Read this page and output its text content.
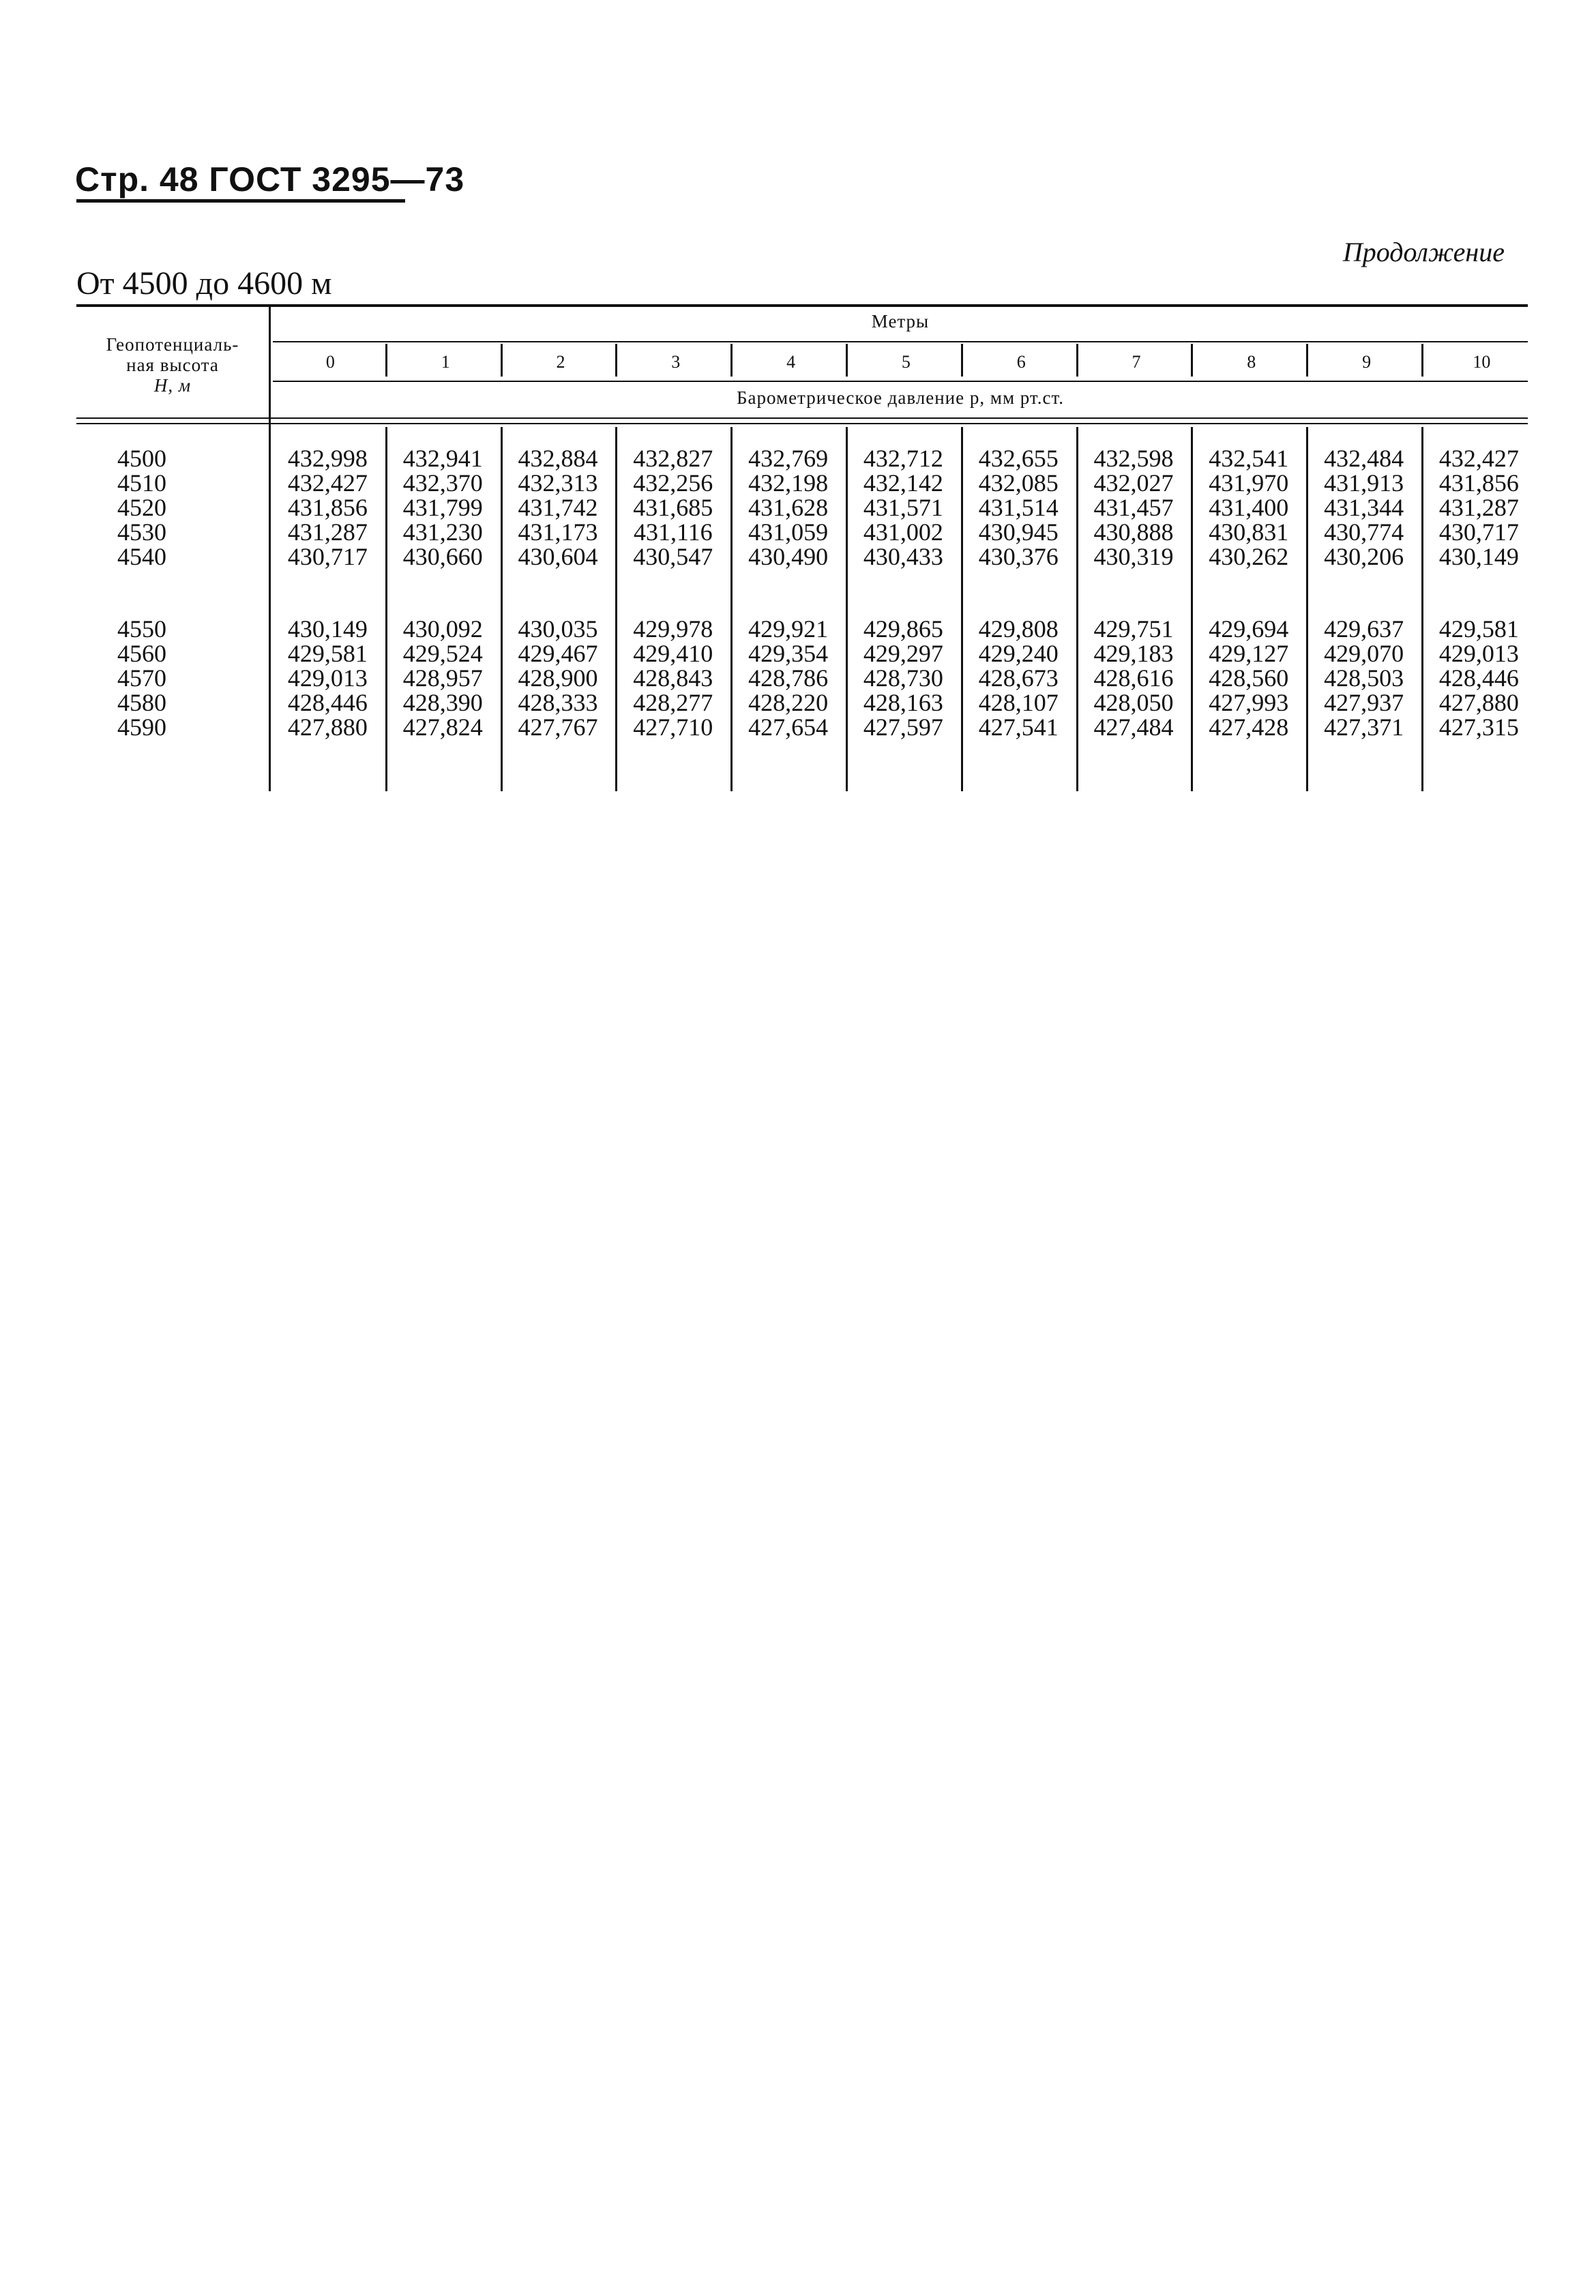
Стр. 48 ГОСТ 3295—73
Продолжение
От 4500 до 4600 м
Геопотенциаль-
ная высота
H, м
Метры
Барометрическое давление p, мм рт.ст.
0	1	2	3	4	5	6	7	8	9	10
4500	432,998	432,941	432,884	432,827	432,769	432,712	432,655	432,598	432,541	432,484	432,427
4510	432,427	432,370	432,313	432,256	432,198	432,142	432,085	432,027	431,970	431,913	431,856
4520	431,856	431,799	431,742	431,685	431,628	431,571	431,514	431,457	431,400	431,344	431,287
4530	431,287	431,230	431,173	431,116	431,059	431,002	430,945	430,888	430,831	430,774	430,717
4540	430,717	430,660	430,604	430,547	430,490	430,433	430,376	430,319	430,262	430,206	430,149
4550	430,149	430,092	430,035	429,978	429,921	429,865	429,808	429,751	429,694	429,637	429,581
4560	429,581	429,524	429,467	429,410	429,354	429,297	429,240	429,183	429,127	429,070	429,013
4570	429,013	428,957	428,900	428,843	428,786	428,730	428,673	428,616	428,560	428,503	428,446
4580	428,446	428,390	428,333	428,277	428,220	428,163	428,107	428,050	427,993	427,937	427,880
4590	427,880	427,824	427,767	427,710	427,654	427,597	427,541	427,484	427,428	427,371	427,315
